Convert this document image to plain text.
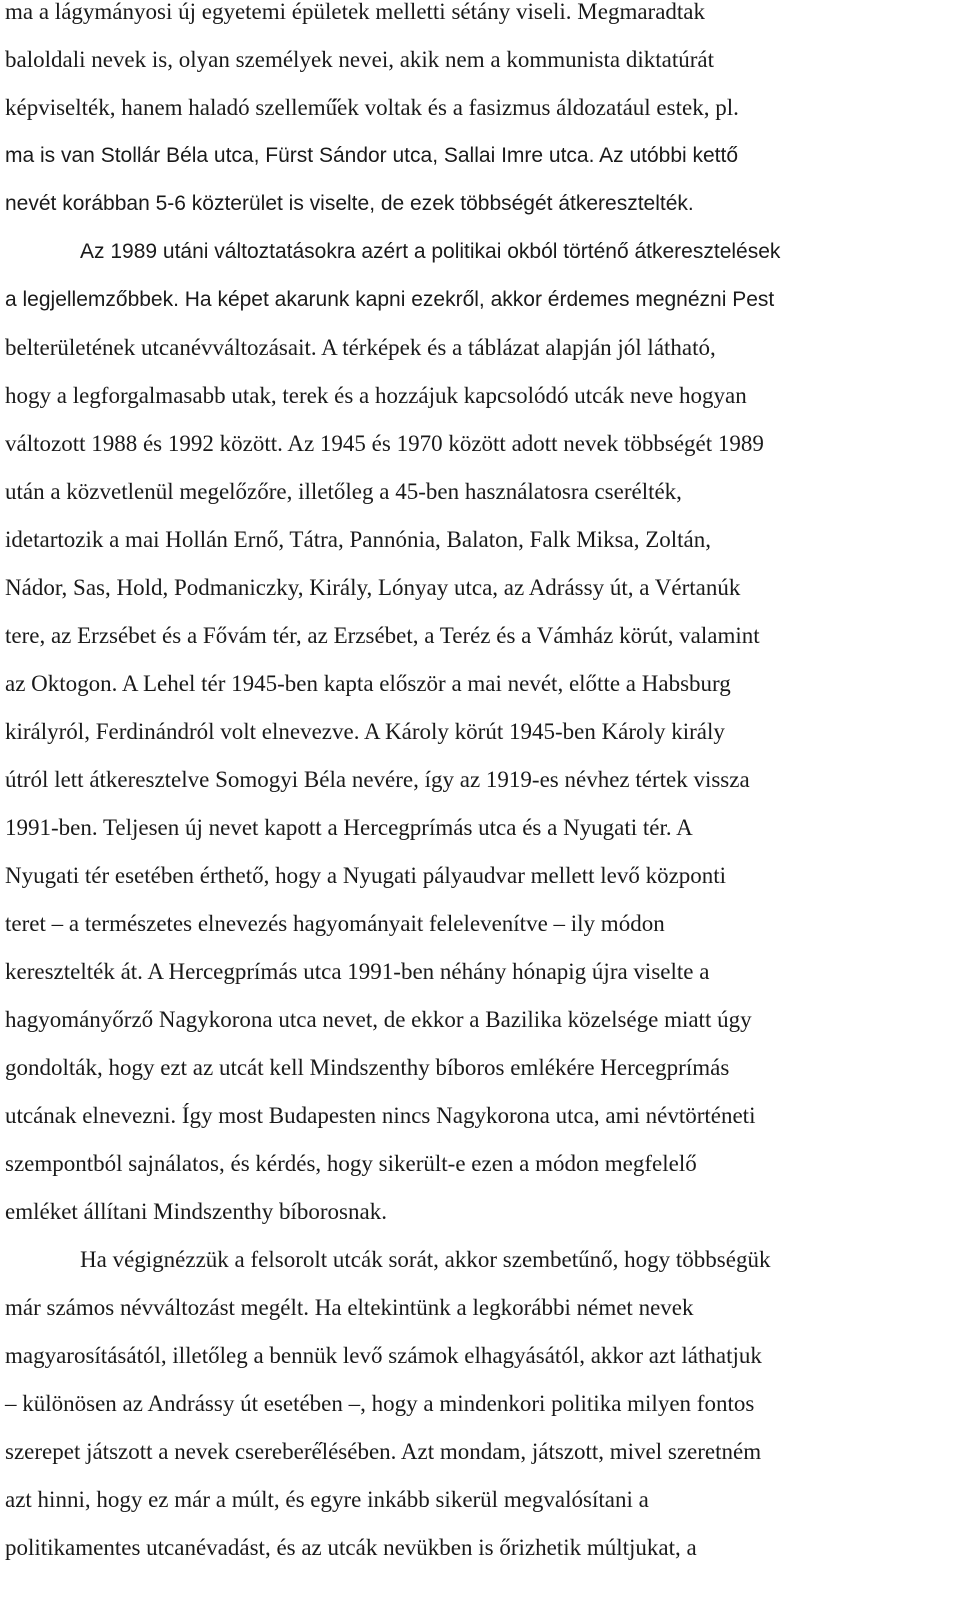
ma a lágymányosi új egyetemi épületek melletti sétány viseli. Megmaradtak
baloldali nevek is, olyan személyek nevei, akik nem a kommunista diktatúrát
képviselték, hanem haladó szellemű̋ek voltak és a fasizmus áldozatául estek, pl.
ma is van Stollár Béla utca, Fürst Sándor utca, Sallai Imre utca. Az utóbbi kettő
nevét korábban 5-6 közterület is viselte, de ezek többségét átkeresztelték.
Az 1989 utáni változtatásokra azért a politikai okból történő átkeresztelések
a legjellemzőbbek. Ha képet akarunk kapni ezekről, akkor érdemes megnézni Pest
belterületének utcanévváltozásait. A térképek és a táblázat alapján jól látható,
hogy a legforgalmasabb utak, terek és a hozzájuk kapcsolódó utcák neve hogyan
változott 1988 és 1992 között. Az 1945 és 1970 között adott nevek többségét 1989
után a közvetlenül megelőzőre, illetőleg a 45-ben használatosra cserélték,
idetartozik a mai Hollán Ernő, Tátra, Pannónia, Balaton, Falk Miksa, Zoltán,
Nádor, Sas, Hold, Podmaniczky, Király, Lónyay utca, az Adrássy út, a Vértanúk
tere, az Erzsébet és a Fővám tér, az Erzsébet, a Teréz és a Vámház körút, valamint
az Oktogon. A Lehel tér 1945-ben kapta először a mai nevét, előtte a Habsburg
királyról, Ferdinándról volt elnevezve. A Károly körút 1945-ben Károly király
útról lett átkeresztelve Somogyi Béla nevére, így az 1919-es névhez tértek vissza
1991-ben. Teljesen új nevet kapott a Hercegprímás utca és a Nyugati tér. A
Nyugati tér esetében érthető, hogy a Nyugati pályaudvar mellett levő központi
teret – a természetes elnevezés hagyományait felelevenítve – ily módon
keresztelték át. A Hercegprímás utca 1991-ben néhány hónapig újra viselte a
hagyományőrző Nagykorona utca nevet, de ekkor a Bazilika közelsége miatt úgy
gondolták, hogy ezt az utcát kell Mindszenthy bíboros emlékére Hercegprímás
utcának elnevezni. Így most Budapesten nincs Nagykorona utca, ami névtörténeti
szempontból sajnálatos, és kérdés, hogy sikerült-e ezen a módon megfelelő
emléket állítani Mindszenthy bíborosnak.
Ha végignézzük a felsorolt utcák sorát, akkor szembetűnő, hogy többségük
már számos névváltozást megélt. Ha eltekintünk a legkorábbi német nevek
magyarosításától, illetőleg a bennük levő számok elhagyásától, akkor azt láthatjuk
– különösen az Andrássy út esetében –, hogy a mindenkori politika milyen fontos
szerepet játszott a nevek cserebere̋lésében. Azt mondam, játszott, mivel szeretném
azt hinni, hogy ez már a múlt, és egyre inkább sikerül megvalósítani a
politikamentes utcanévadást, és az utcák nevükben is őrizhetik múltjukat, a
